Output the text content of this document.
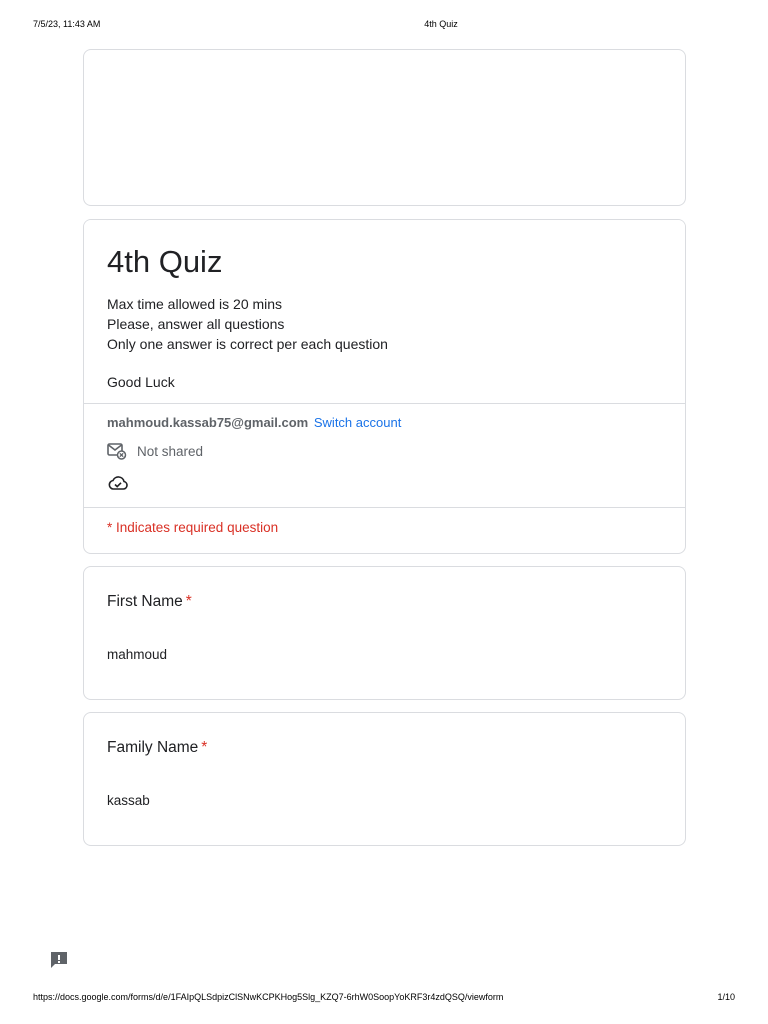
7/5/23, 11:43 AM	4th Quiz
4th Quiz
Max time allowed is 20 mins
Please, answer all questions
Only one answer is correct per each question
Good Luck
mahmoud.kassab75@gmail.com Switch account
Not shared
* Indicates required question
First Name *
mahmoud
Family Name *
kassab
https://docs.google.com/forms/d/e/1FAIpQLSdpizClSNwKCPKHog5Slg_KZQ7-6rhW0SoopYoKRF3r4zdQSQ/viewform	1/10
